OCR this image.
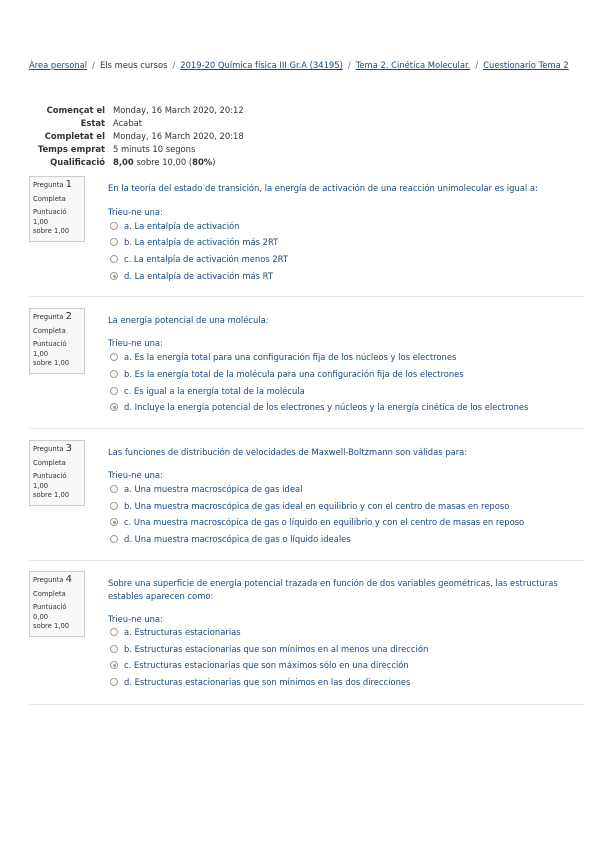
Àrea personal / Els meus cursos / 2019-20 Química física III Gr.A (34195) / Tema 2. Cinética Molecular. / Cuestionario Tema 2
Començat el	Monday, 16 March 2020, 20:12
Estat	Acabat
Completat el	Monday, 16 March 2020, 20:18
Temps emprat	5 minuts 10 segons
Qualificació	8,00 sobre 10,00 (80%)
Pregunta 1
Completa
Puntuació 1,00
sobre 1,00
En la teoría del estado de transición, la energía de activación de una reacción unimolecular es igual a:
Trieu-ne una:
a. La entalpía de activación
b. La entalpía de activación más 2RT
c. La entalpía de activación menos 2RT
d. La entalpía de activación más RT
Pregunta 2
Completa
Puntuació 1,00
sobre 1,00
La energía potencial de una molécula:
Trieu-ne una:
a. Es la energía total para una configuración fija de los núcleos y los electrones
b. Es la energía total de la molécula para una configuración fija de los electrones
c. Es igual a la energía total de la molécula
d. Incluye la energía potencial de los electrones y núcleos y la energía cinética de los electrones
Pregunta 3
Completa
Puntuació 1,00
sobre 1,00
Las funciones de distribución de velocidades de Maxwell-Boltzmann son válidas para:
Trieu-ne una:
a. Una muestra macroscópica de gas ideal
b. Una muestra macroscópica de gas ideal en equilibrio y con el centro de masas en reposo
c. Una muestra macroscópica de gas o líquido en equilibrio y con el centro de masas en reposo
d. Una muestra macroscópica de gas o líquido ideales
Pregunta 4
Completa
Puntuació 0,00
sobre 1,00
Sobre una superficie de energía potencial trazada en función de dos variables geométricas, las estructuras estables aparecen como:
Trieu-ne una:
a. Estructuras estacionarias
b. Estructuras estacionarias que son mínimos en al menos una dirección
c. Estructuras estacionarias que son máximos sólo en una dirección
d. Estructuras estacionarias que son mínimos en las dos direcciones
